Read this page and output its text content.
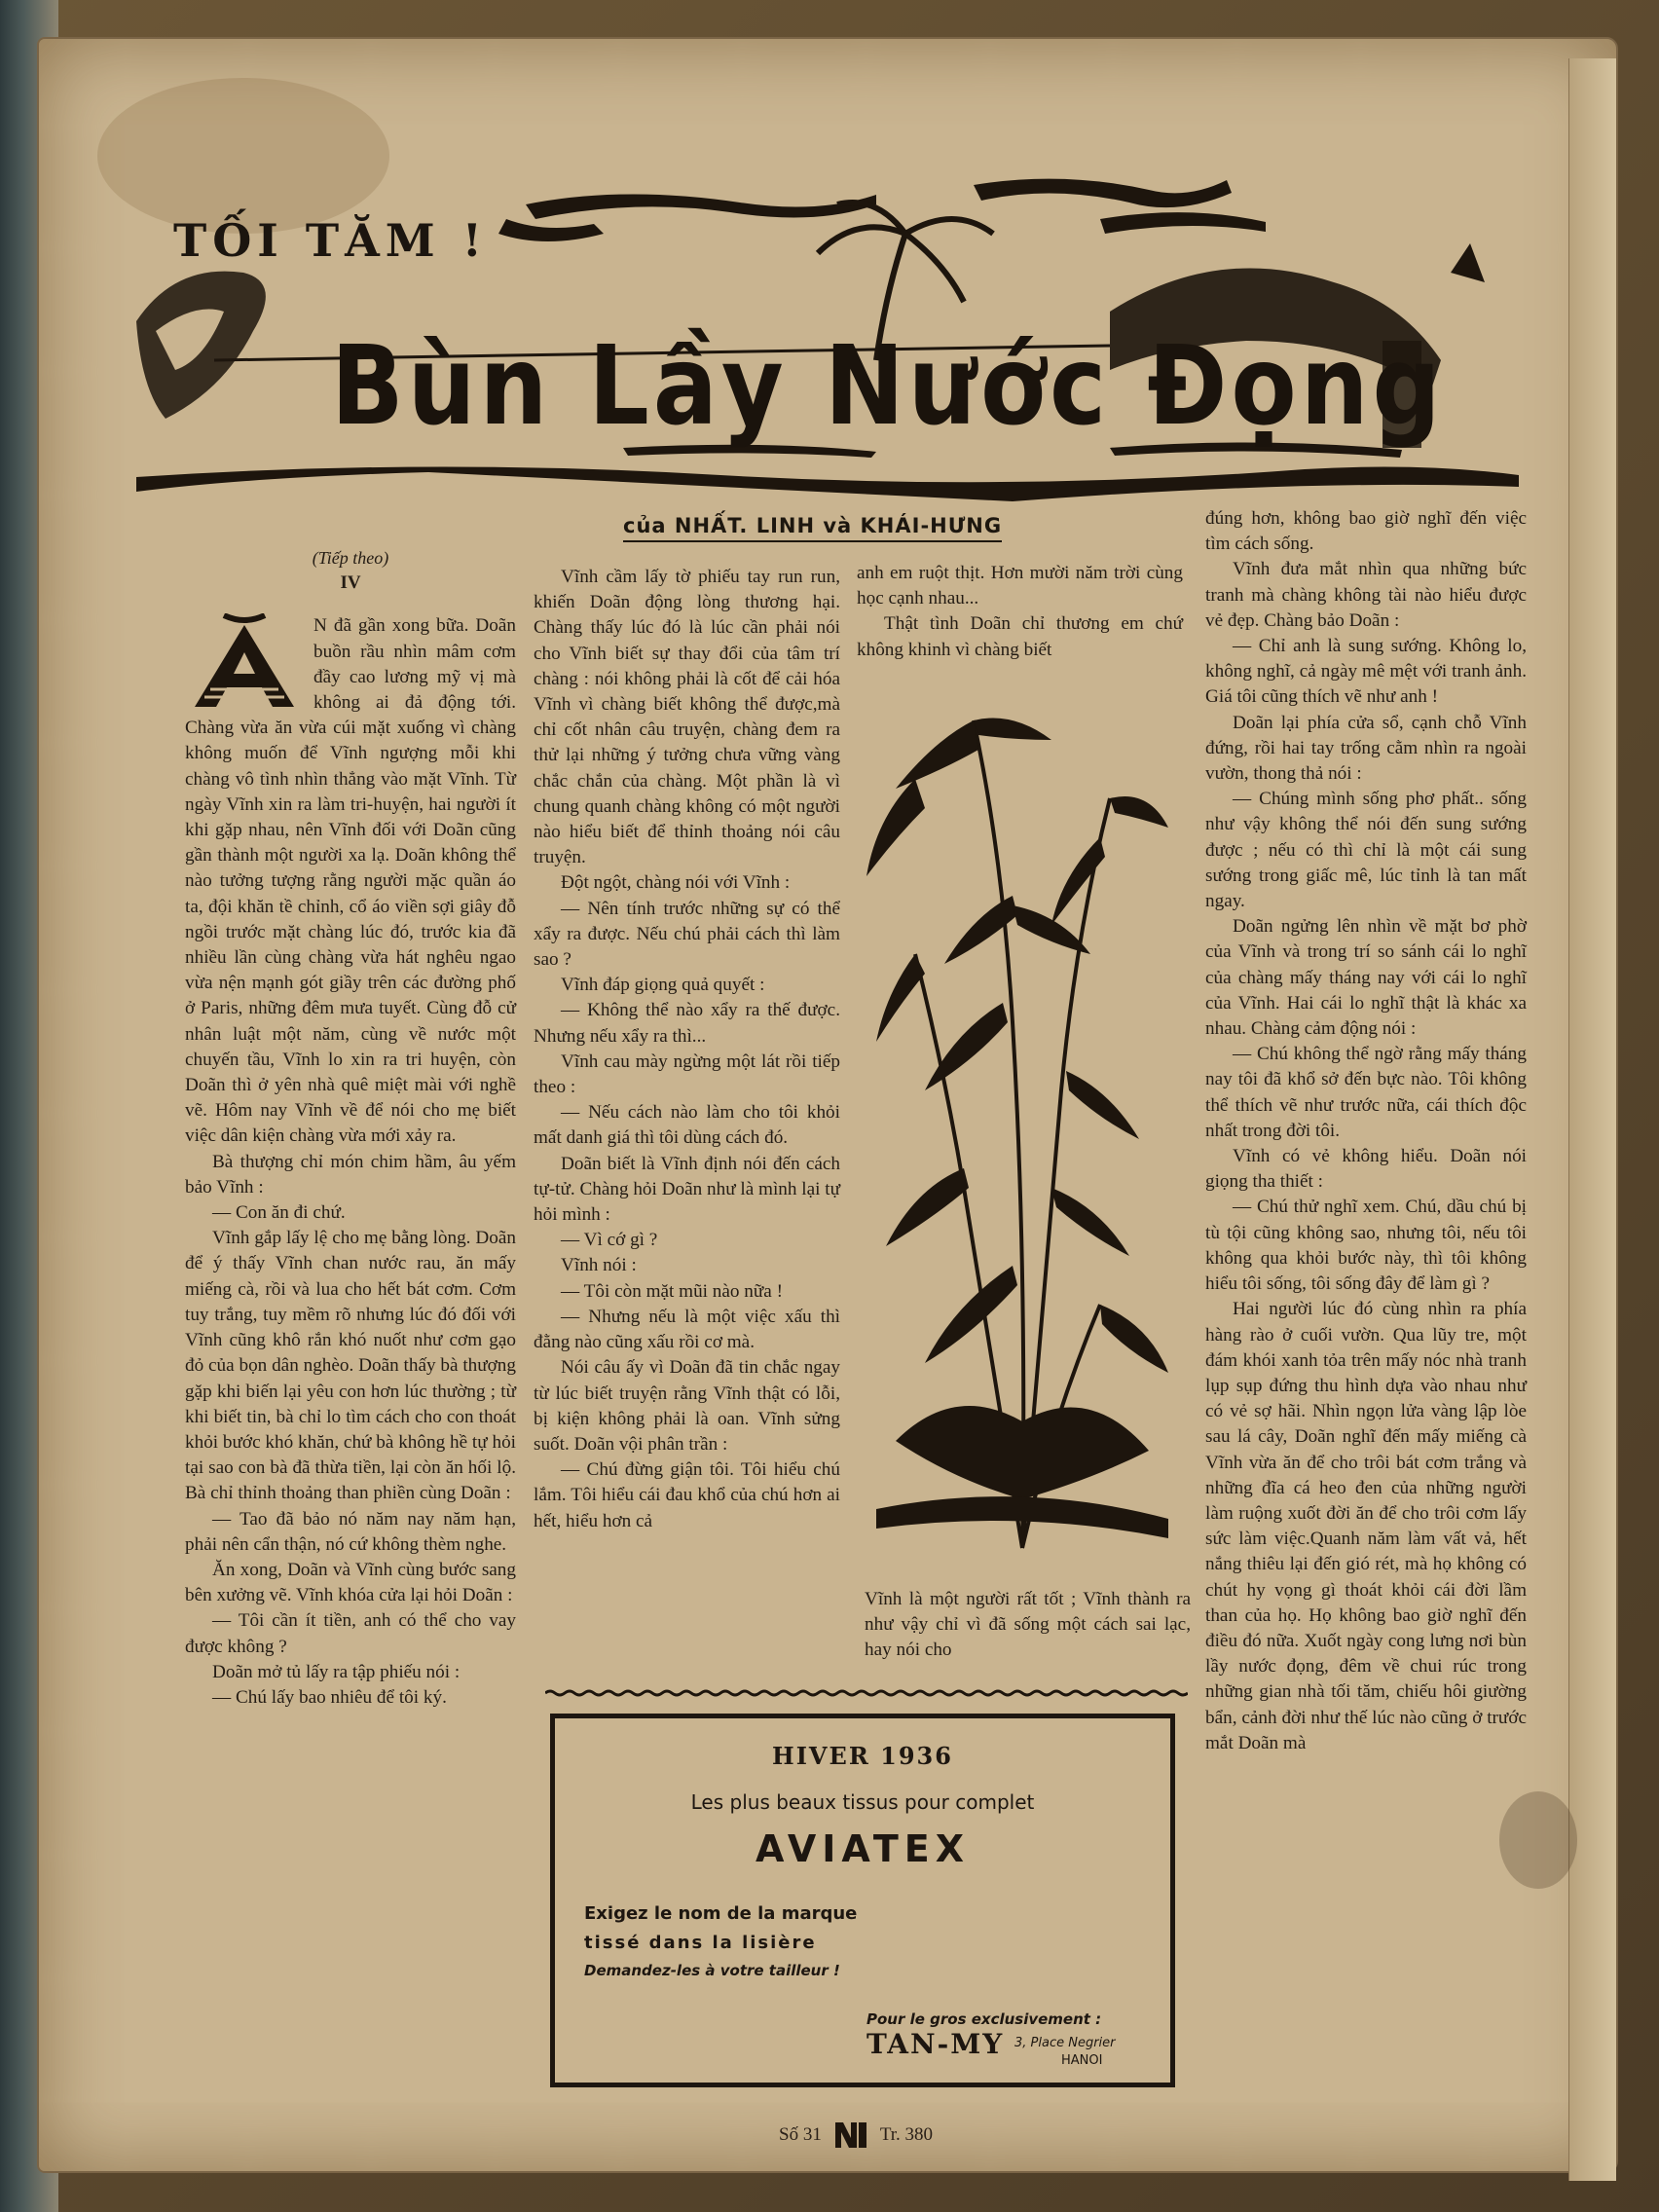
TỐI TĂM !
Bùn Lầy Nước Đọng
của NHẤT. LINH và KHÁI-HƯNG

(Tiếp theo)

IV

N đã gần xong bữa. Doãn buồn rầu nhìn mâm cơm đầy cao lương mỹ vị mà không ai đả động tới. Chàng vừa ăn vừa cúi mặt xuống vì chàng không muốn để Vĩnh ngượng mỗi khi chàng vô tình nhìn thẳng vào mặt Vĩnh. Từ ngày Vĩnh xin ra làm tri-huyện, hai người ít khi gặp nhau, nên Vĩnh đối với Doãn cũng gần thành một người xa lạ. Doãn không thể nào tưởng tượng rằng người mặc quần áo ta, đội khăn tề chỉnh, cổ áo viền sợi giây đỗ ngồi trước mặt chàng lúc đó, trước kia đã nhiều lần cùng chàng vừa hát nghêu ngao vừa nện mạnh gót giầy trên các đường phố ở Paris, những đêm mưa tuyết. Cùng đỗ cử nhân luật một năm, cùng về nước một chuyến tầu, Vĩnh lo xin ra tri huyện, còn Doãn thì ở yên nhà quê miệt mài với nghề vẽ. Hôm nay Vĩnh về để nói cho mẹ biết việc dân kiện chàng vừa mới xảy ra.

Bà thượng chỉ món chim hầm, âu yếm bảo Vĩnh :

— Con ăn đi chứ.

Vĩnh gắp lấy lệ cho mẹ bằng lòng. Doãn để ý thấy Vĩnh chan nước rau, ăn mấy miếng cà, rồi và lua cho hết bát cơm. Cơm tuy trắng, tuy mềm rõ nhưng lúc đó đối với Vĩnh cũng khô rắn khó nuốt như cơm gạo đỏ của bọn dân nghèo. Doãn thấy bà thượng gặp khi biến lại yêu con hơn lúc thường ; từ khi biết tin, bà chỉ lo tìm cách cho con thoát khỏi bước khó khăn, chứ bà không hề tự hỏi tại sao con bà đã thừa tiền, lại còn ăn hối lộ. Bà chỉ thỉnh thoảng than phiền cùng Doãn :

— Tao đã bảo nó năm nay năm hạn, phải nên cẩn thận, nó cứ không thèm nghe.

Ăn xong, Doãn và Vĩnh cùng bước sang bên xưởng vẽ. Vĩnh khóa cửa lại hỏi Doãn :

— Tôi cần ít tiền, anh có thể cho vay được không ?

Doãn mở tủ lấy ra tập phiếu nói :

— Chú lấy bao nhiêu để tôi ký.

Vĩnh cầm lấy tờ phiếu tay run run, khiến Doãn động lòng thương hại. Chàng thấy lúc đó là lúc cần phải nói cho Vĩnh biết sự thay đổi của tâm trí chàng : nói không phải là cốt để cải hóa Vĩnh vì chàng biết không thể được,mà chỉ cốt nhân câu truyện, chàng đem ra thử lại những ý tưởng chưa vững vàng chắc chắn của chàng. Một phần là vì chung quanh chàng không có một người nào hiểu biết để thỉnh thoảng nói câu truyện.

Đột ngột, chàng nói với Vĩnh :

— Nên tính trước những sự có thể xẩy ra được. Nếu chú phải cách thì làm sao ?

Vĩnh đáp giọng quả quyết :

— Không thể nào xẩy ra thế được. Nhưng nếu xẩy ra thì...

Vĩnh cau mày ngừng một lát rồi tiếp theo :

— Nếu cách nào làm cho tôi khỏi mất danh giá thì tôi dùng cách đó.

Doãn biết là Vĩnh định nói đến cách tự-tử. Chàng hỏi Doãn như là mình lại tự hỏi mình :

— Vì cớ gì ?

Vĩnh nói :

— Tôi còn mặt mũi nào nữa !

— Nhưng nếu là một việc xấu thì đằng nào cũng xấu rồi cơ mà.

Nói câu ấy vì Doãn đã tin chắc ngay từ lúc biết truyện rằng Vĩnh thật có lỗi, bị kiện không phải là oan. Vĩnh sửng suốt. Doãn vội phân trần :

— Chú đừng giận tôi. Tôi hiểu chú lắm. Tôi hiểu cái đau khổ của chú hơn ai hết, hiểu hơn cả

anh em ruột thịt. Hơn mười năm trời cùng học cạnh nhau...

Thật tình Doãn chỉ thương em chứ không khinh vì chàng biết

Vĩnh là một người rất tốt ; Vĩnh thành ra như vậy chỉ vì đã sống một cách sai lạc, hay nói cho

HIVER 1936
Les plus beaux tissus pour complet
AVIATEX
Exigez le nom de la marque
tissé dans la lisière
Demandez-les à votre tailleur !
Pour le gros exclusivement :
TAN-MY 3, Place Negrier
HANOI

đúng hơn, không bao giờ nghĩ đến việc tìm cách sống.

Vĩnh đưa mắt nhìn qua những bức tranh mà chàng không tài nào hiểu được vẻ đẹp. Chàng bảo Doãn :

— Chỉ anh là sung sướng. Không lo, không nghĩ, cả ngày mê mệt với tranh ảnh. Giá tôi cũng thích vẽ như anh !

Doãn lại phía cửa sổ, cạnh chỗ Vĩnh đứng, rồi hai tay trống cằm nhìn ra ngoài vườn, thong thả nói :

— Chúng mình sống phơ phất.. sống như vậy không thể nói đến sung sướng được ; nếu có thì chỉ là một cái sung sướng trong giấc mê, lúc tỉnh là tan mất ngay.

Doãn ngửng lên nhìn về mặt bơ phờ của Vĩnh và trong trí so sánh cái lo nghĩ của chàng mấy tháng nay với cái lo nghĩ của Vĩnh. Hai cái lo nghĩ thật là khác xa nhau. Chàng cảm động nói :

— Chú không thể ngờ rằng mấy tháng nay tôi đã khổ sở đến bực nào. Tôi không thể thích vẽ như trước nữa, cái thích độc nhất trong đời tôi.

Vĩnh có vẻ không hiểu. Doãn nói giọng tha thiết :

— Chú thử nghĩ xem. Chú, dầu chú bị tù tội cũng không sao, nhưng tôi, nếu tôi không qua khỏi bước này, thì tôi không hiểu tôi sống, tôi sống đây để làm gì ?

Hai người lúc đó cùng nhìn ra phía hàng rào ở cuối vườn. Qua lũy tre, một đám khói xanh tỏa trên mấy nóc nhà tranh lụp sụp đứng thu hình dựa vào nhau như có vẻ sợ hãi. Nhìn ngọn lửa vàng lập lòe sau lá cây, Doãn nghĩ đến mấy miếng cà Vĩnh vừa ăn để cho trôi bát cơm trắng và những đĩa cá heo đen của những người làm ruộng xuốt đời ăn để cho trôi cơm lấy sức làm việc.Quanh năm làm vất vả, hết nắng thiêu lại đến gió rét, mà họ không có chút hy vọng gì thoát khỏi cái đời lầm than của họ. Họ không bao giờ nghĩ đến điều đó nữa. Xuốt ngày cong lưng nơi bùn lầy nước đọng, đêm về chui rúc trong những gian nhà tối tăm, chiếu hôi giường bẩn, cảnh đời như thế lúc nào cũng ở trước mắt Doãn mà

Số 31	Tr. 380
